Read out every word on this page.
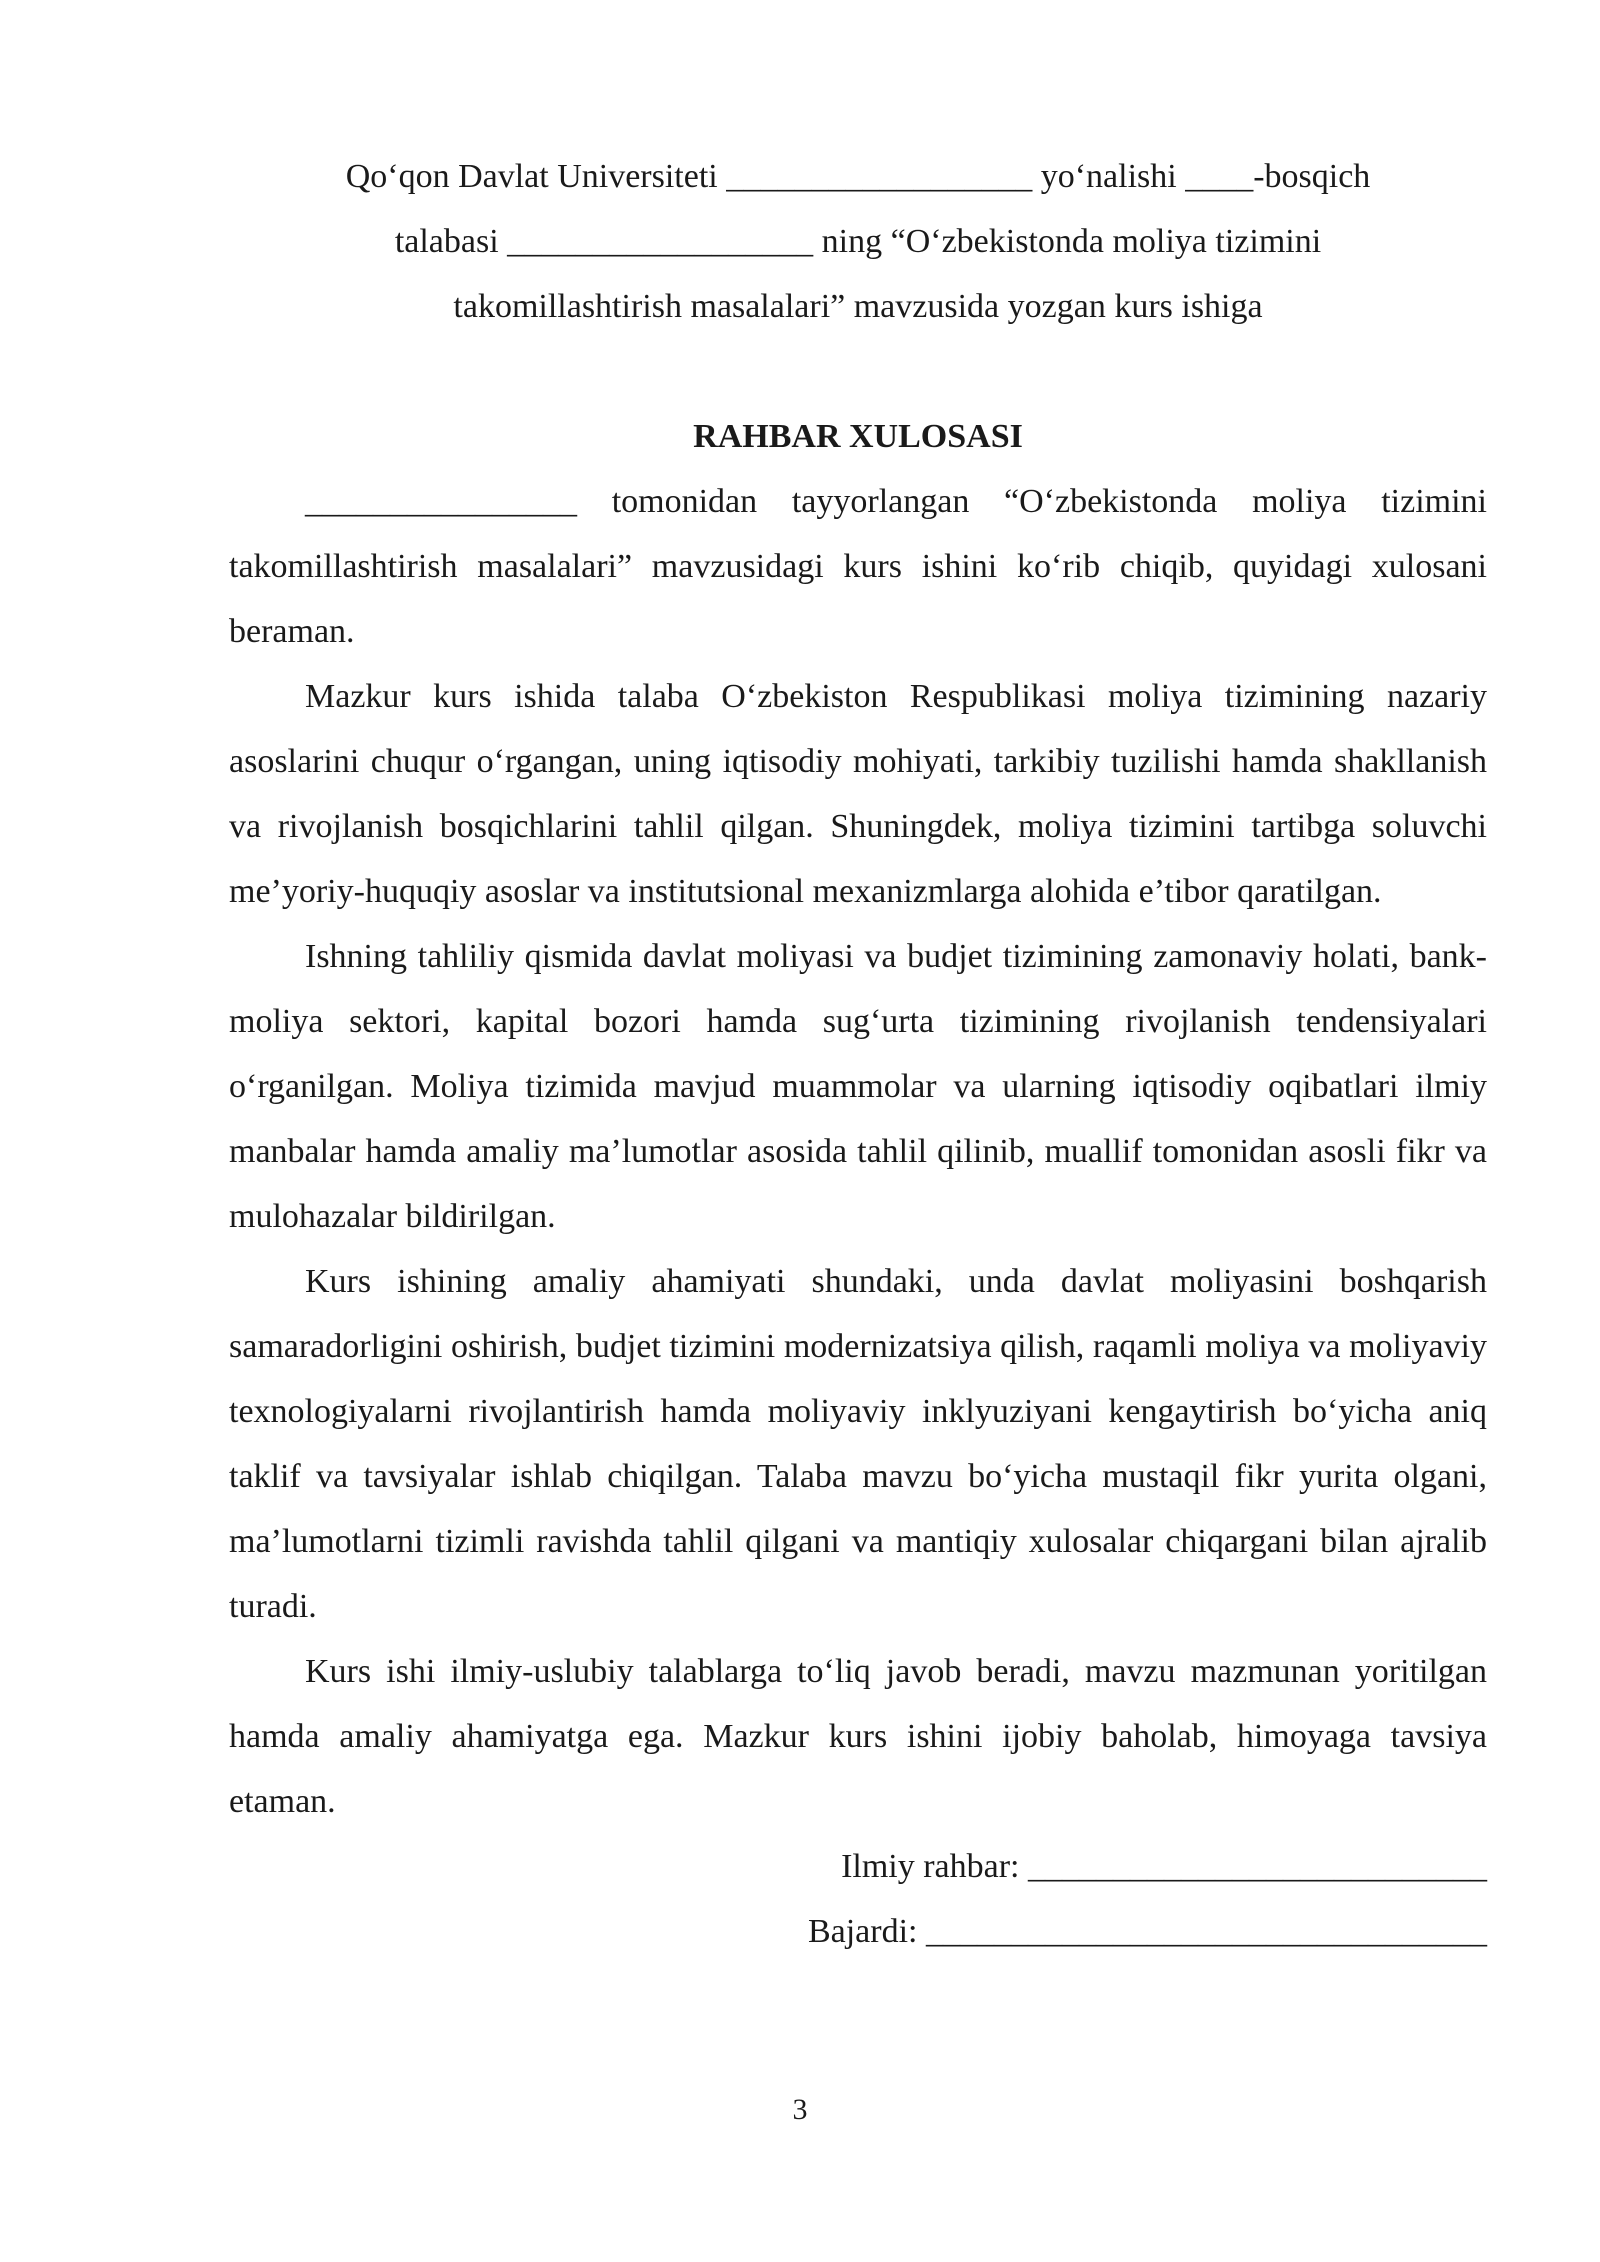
Qo‘qon Davlat Universiteti __________________ yo‘nalishi ____-bosqich

talabasi __________________ ning “O‘zbekistonda moliya tizimini

takomillashtirish masalalari” mavzusida yozgan kurs ishiga

RAHBAR XULOSASI

________________ tomonidan tayyorlangan “O‘zbekistonda moliya tizimini takomillashtirish masalalari” mavzusidagi kurs ishini ko‘rib chiqib, quyidagi xulosani beraman.

Mazkur kurs ishida talaba O‘zbekiston Respublikasi moliya tizimining nazariy asoslarini chuqur o‘rgangan, uning iqtisodiy mohiyati, tarkibiy tuzilishi hamda shakllanish va rivojlanish bosqichlarini tahlil qilgan. Shuningdek, moliya tizimini tartibga soluvchi me’yoriy-huquqiy asoslar va institutsional mexanizmlarga alohida e’tibor qaratilgan.

Ishning tahliliy qismida davlat moliyasi va budjet tizimining zamonaviy holati, bank-moliya sektori, kapital bozori hamda sug‘urta tizimining rivojlanish tendensiyalari o‘rganilgan. Moliya tizimida mavjud muammolar va ularning iqtisodiy oqibatlari ilmiy manbalar hamda amaliy ma’lumotlar asosida tahlil qilinib, muallif tomonidan asosli fikr va mulohazalar bildirilgan.

Kurs ishining amaliy ahamiyati shundaki, unda davlat moliyasini boshqarish samaradorligini oshirish, budjet tizimini modernizatsiya qilish, raqamli moliya va moliyaviy texnologiyalarni rivojlantirish hamda moliyaviy inklyuziyani kengaytirish bo‘yicha aniq taklif va tavsiyalar ishlab chiqilgan. Talaba mavzu bo‘yicha mustaqil fikr yurita olgani, ma’lumotlarni tizimli ravishda tahlil qilgani va mantiqiy xulosalar chiqargani bilan ajralib turadi.

Kurs ishi ilmiy-uslubiy talablarga to‘liq javob beradi, mavzu mazmunan yoritilgan hamda amaliy ahamiyatga ega. Mazkur kurs ishini ijobiy baholab, himoyaga tavsiya etaman.

Ilmiy rahbar: ___________________________

Bajardi: _________________________________

3
